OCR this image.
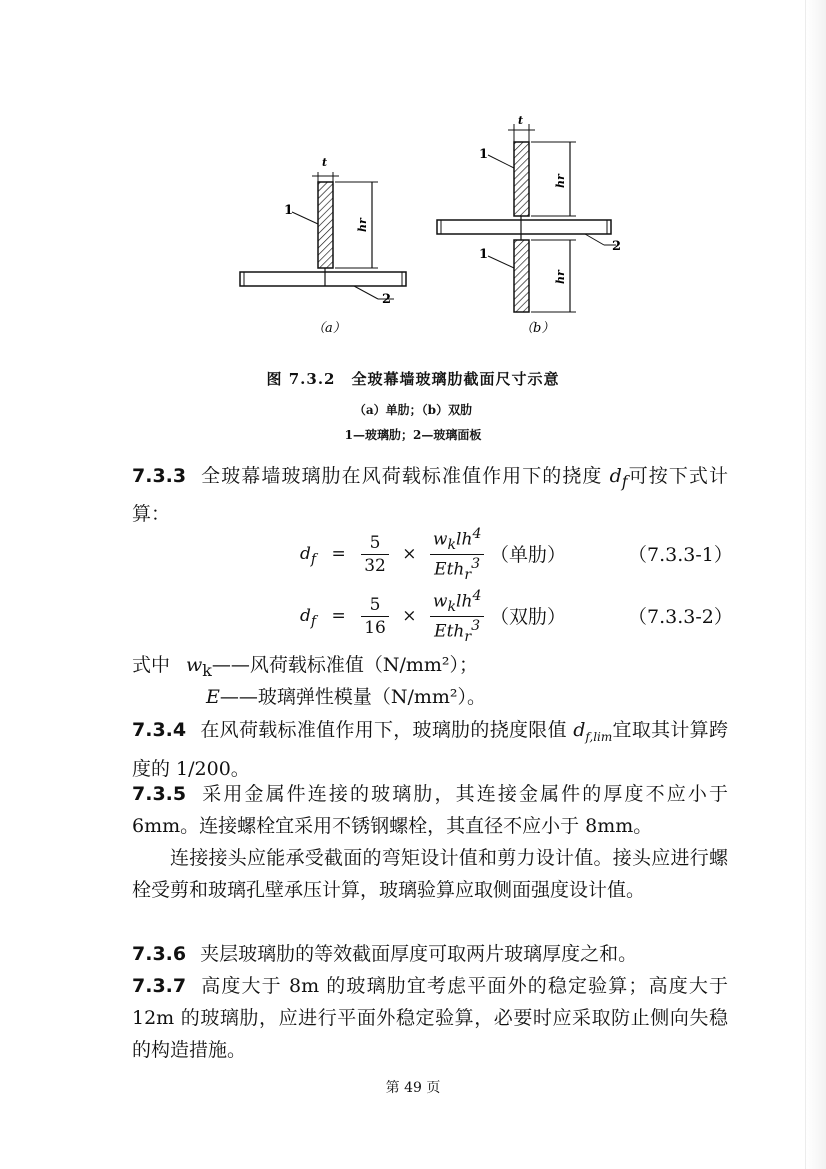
t
hr
1
2
（a）
t
hr
hr
1
1
2
（b）
图 7.3.2　全玻幕墙玻璃肋截面尺寸示意
（a）单肋；（b）双肋
1—玻璃肋；2—玻璃面板
7.3.3 全玻幕墙玻璃肋在风荷载标准值作用下的挠度 $d_f$可按下式计算：
$d_f = \frac{5}{32} \times \frac{w_klh^4}{Eth_r^3}$ （单肋）	（7.3.3-1）
$d_f = \frac{5}{16} \times \frac{w_klh^4}{Eth_r^3}$ （双肋）	（7.3.3-2）
式中 $w_k——$风荷载标准值（N/mm²）；
E——玻璃弹性模量（N/mm²）。
7.3.4 在风荷载标准值作用下，玻璃肋的挠度限值 $d_{f,lim}$宜取其计算跨度的 1/200。
7.3.5 采用金属件连接的玻璃肋，其连接金属件的厚度不应小于 6mm。连接螺栓宜采用不锈钢螺栓，其直径不应小于 8mm。
连接接头应能承受截面的弯矩设计值和剪力设计值。接头应进行螺栓受剪和玻璃孔壁承压计算，玻璃验算应取侧面强度设计值。
7.3.6 夹层玻璃肋的等效截面厚度可取两片玻璃厚度之和。
7.3.7 高度大于 8m 的玻璃肋宜考虑平面外的稳定验算；高度大于 12m 的玻璃肋，应进行平面外稳定验算，必要时应采取防止侧向失稳的构造措施。
第 49 页
